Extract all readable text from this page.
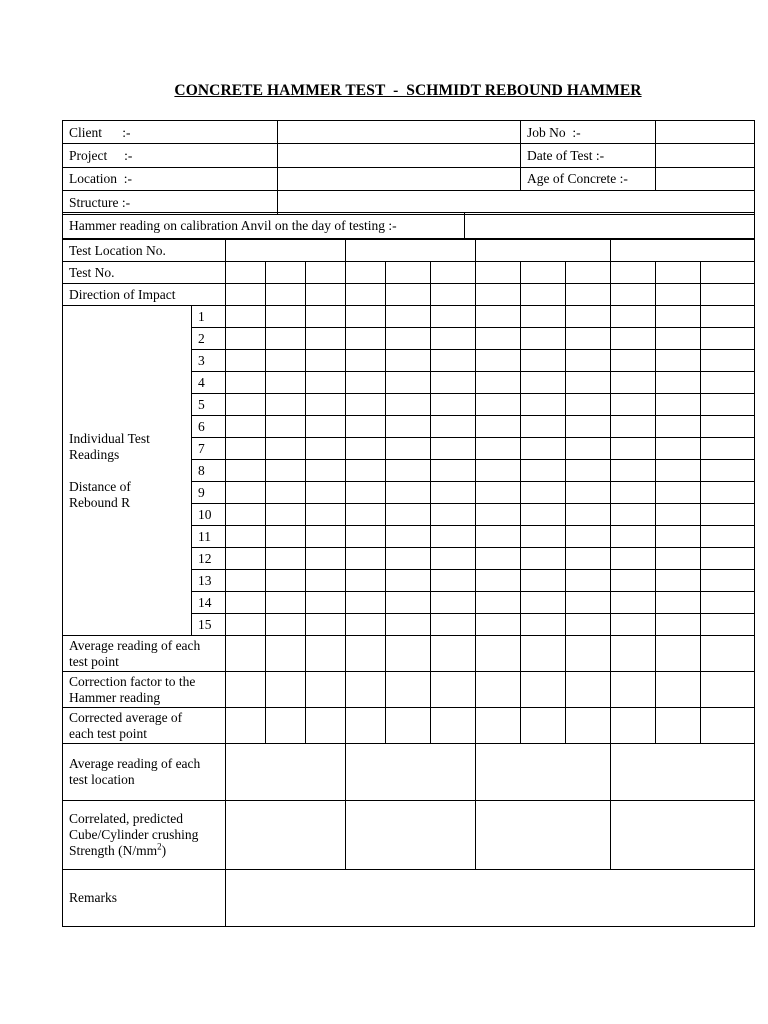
CONCRETE HAMMER TEST  -  SCHMIDT REBOUND HAMMER
Client      :-		Job No  :-	
Project     :-		Date of Test :-	
Location  :-		Age of Concrete :-	
Structure :-			
Hammer reading on calibration Anvil on the day of testing :-	
Test Location No.													
Test No.													
Direction of Impact													

Individual Test
Readings
Distance of
Rebound R	1												
	2												
	3												
	4												
	5												
	6												
	7												
	8												
	9												
	10												
	11												
	12												
	13												
	14												
	15												

Average reading of each
test point													

Correction factor to the
Hammer reading													

Corrected average of
each test point													

Average reading of each
test location													

Correlated, predicted
Cube/Cylinder crushing
Strength $(N/mm^2)$													

Remarks													
